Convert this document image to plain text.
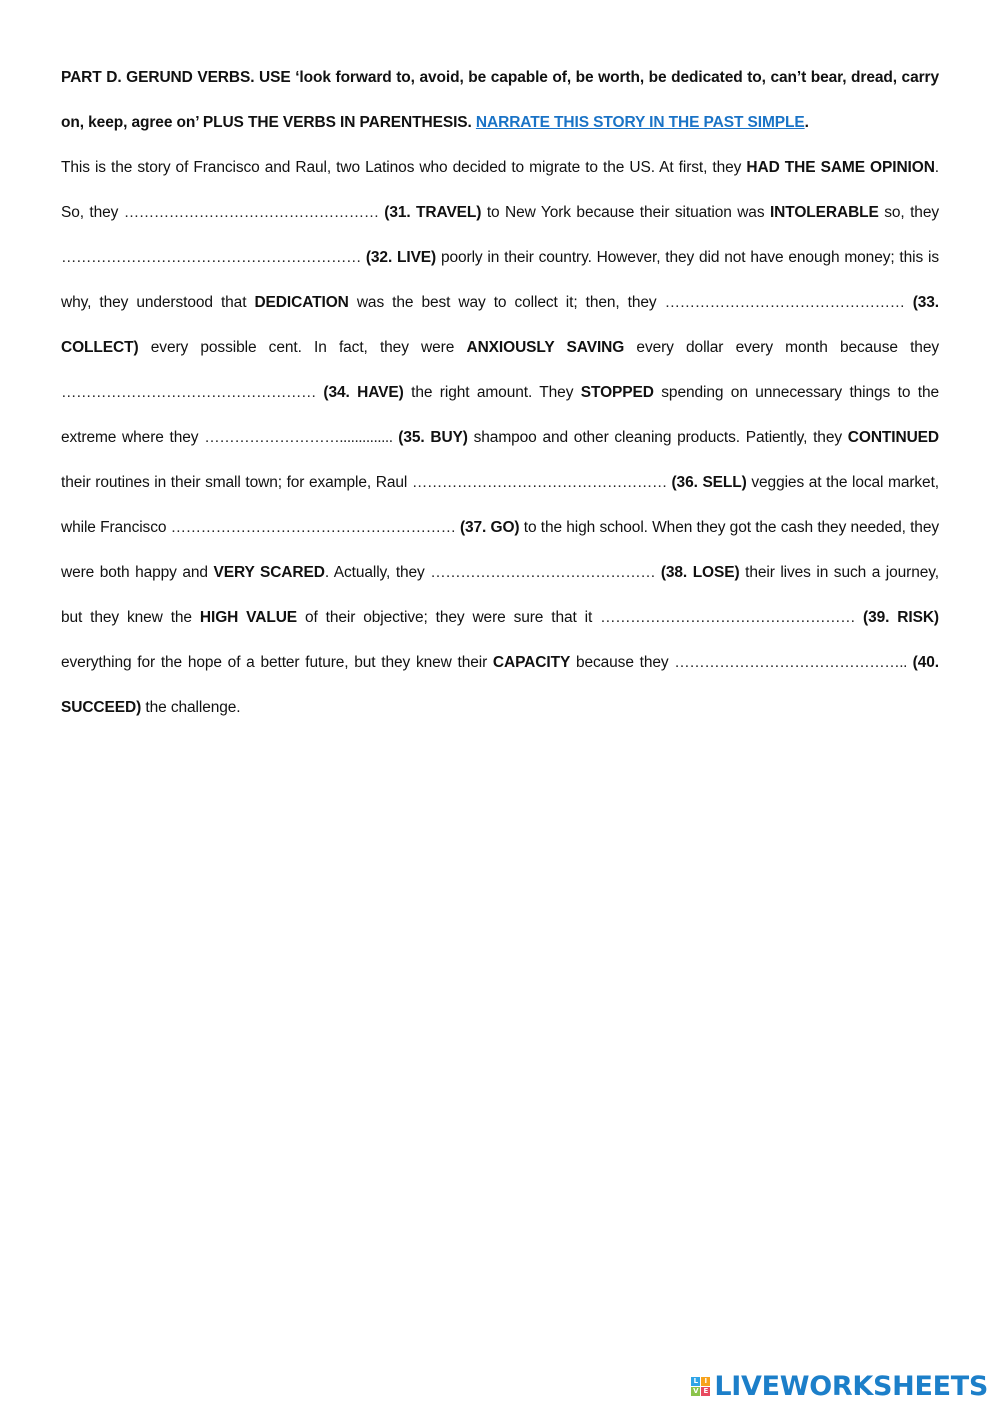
PART D. GERUND VERBS. USE ‘look forward to, avoid, be capable of, be worth, be dedicated to, can’t bear, dread, carry on, keep, agree on’ PLUS THE VERBS IN PARENTHESIS. NARRATE THIS STORY IN THE PAST SIMPLE.

This is the story of Francisco and Raul, two Latinos who decided to migrate to the US. At first, they HAD THE SAME OPINION. So, they …………………………………………… (31. TRAVEL) to New York because their situation was INTOLERABLE so, they …………………………………………………… (32. LIVE) poorly in their country. However, they did not have enough money; this is why, they understood that DEDICATION was the best way to collect it; then, they ………………………………………… (33. COLLECT) every possible cent. In fact, they were ANXIOUSLY SAVING every dollar every month because they …………………………………………… (34. HAVE) the right amount. They STOPPED spending on unnecessary things to the extreme where they ……………………….............. (35. BUY) shampoo and other cleaning products. Patiently, they CONTINUED their routines in their small town; for example, Raul …………………………………………… (36. SELL) veggies at the local market, while Francisco ………………………………………………… (37. GO) to the high school. When they got the cash they needed, they were both happy and VERY SCARED. Actually, they ……………………………………… (38. LOSE) their lives in such a journey, but they knew the HIGH VALUE of their objective; they were sure that it …………………………………………… (39. RISK) everything for the hope of a better future, but they knew their CAPACITY because they ……………………………………….. (40. SUCCEED) the challenge.

L I
V E LIVEWORKSHEETS
